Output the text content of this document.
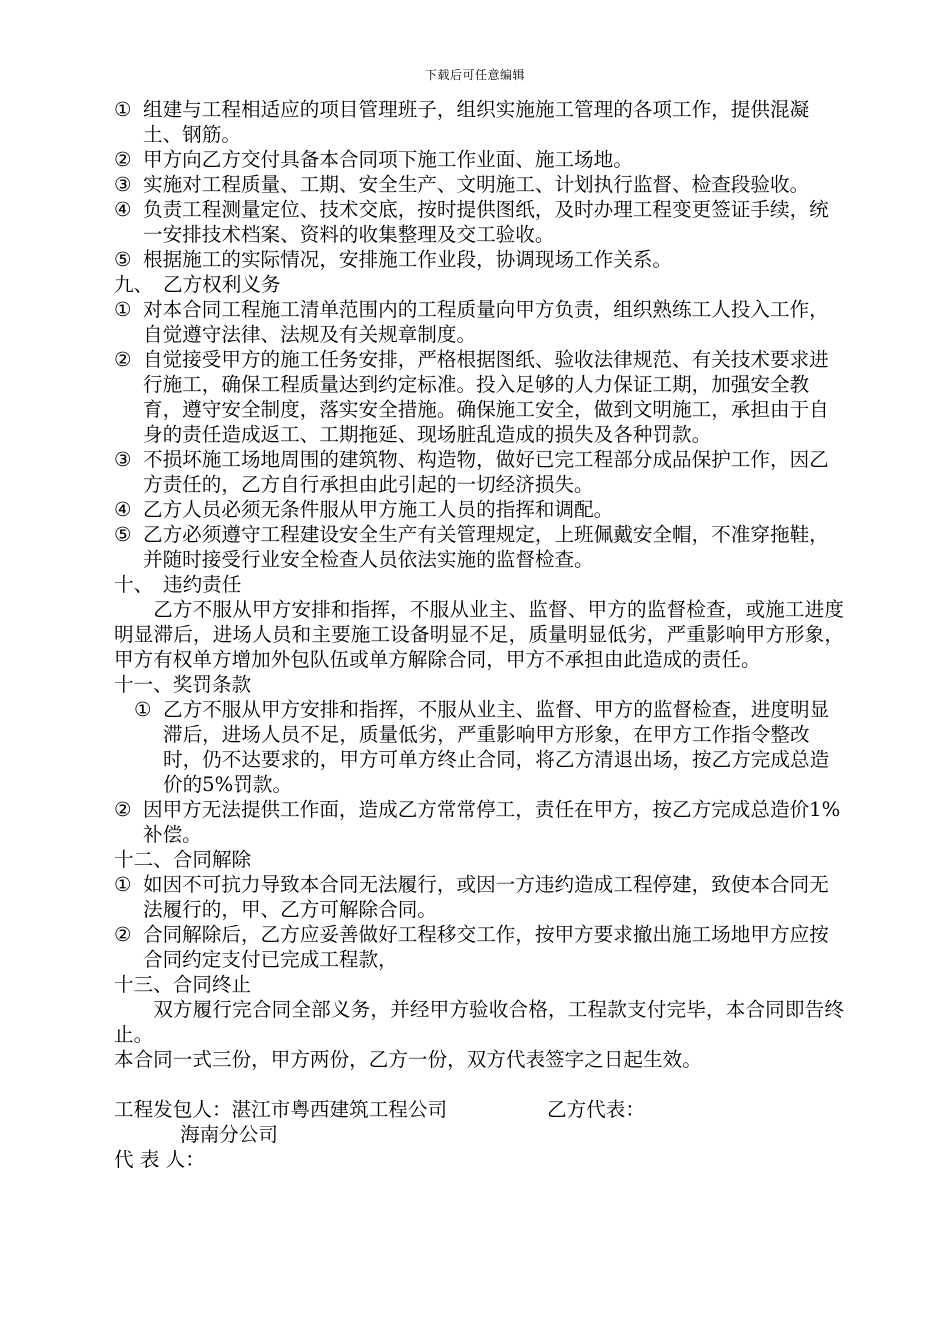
下载后可任意编辑
① 组建与工程相适应的项目管理班子，组织实施施工管理的各项工作，提供混凝土、钢筋。
② 甲方向乙方交付具备本合同项下施工作业面、施工场地。
③ 实施对工程质量、工期、安全生产、文明施工、计划执行监督、检查段验收。
④ 负责工程测量定位、技术交底，按时提供图纸，及时办理工程变更签证手续，统一安排技术档案、资料的收集整理及交工验收。
⑤ 根据施工的实际情况，安排施工作业段，协调现场工作关系。
九、　乙方权利义务
① 对本合同工程施工清单范围内的工程质量向甲方负责，组织熟练工人投入工作，自觉遵守法律、法规及有关规章制度。
② 自觉接受甲方的施工任务安排，严格根据图纸、验收法律规范、有关技术要求进行施工，确保工程质量达到约定标准。投入足够的人力保证工期，加强安全教育，遵守安全制度，落实安全措施。确保施工安全，做到文明施工，承担由于自身的责任造成返工、工期拖延、现场脏乱造成的损失及各种罚款。
③ 不损坏施工场地周围的建筑物、构造物，做好已完工程部分成品保护工作，因乙方责任的，乙方自行承担由此引起的一切经济损失。
④ 乙方人员必须无条件服从甲方施工人员的指挥和调配。
⑤ 乙方必须遵守工程建设安全生产有关管理规定，上班佩戴安全帽，不准穿拖鞋，并随时接受行业安全检查人员依法实施的监督检查。
十、　违约责任
乙方不服从甲方安排和指挥，不服从业主、监督、甲方的监督检查，或施工进度明显滞后，进场人员和主要施工设备明显不足，质量明显低劣，严重影响甲方形象，甲方有权单方增加外包队伍或单方解除合同，甲方不承担由此造成的责任。
十一、奖罚条款
① 乙方不服从甲方安排和指挥，不服从业主、监督、甲方的监督检查，进度明显滞后，进场人员不足，质量低劣，严重影响甲方形象，在甲方工作指令整改时，仍不达要求的，甲方可单方终止合同，将乙方清退出场，按乙方完成总造价的5%罚款。
② 因甲方无法提供工作面，造成乙方常常停工，责任在甲方，按乙方完成总造价1%补偿。
十二、合同解除
① 如因不可抗力导致本合同无法履行，或因一方违约造成工程停建，致使本合同无法履行的，甲、乙方可解除合同。
② 合同解除后，乙方应妥善做好工程移交工作，按甲方要求撤出施工场地甲方应按合同约定支付已完成工程款，
十三、合同终止
双方履行完合同全部义务，并经甲方验收合格，工程款支付完毕，本合同即告终止。
本合同一式三份，甲方两份，乙方一份，双方代表签字之日起生效。
工程发包人：湛江市粤西建筑工程公司	乙方代表：
海南分公司
代 表 人：
